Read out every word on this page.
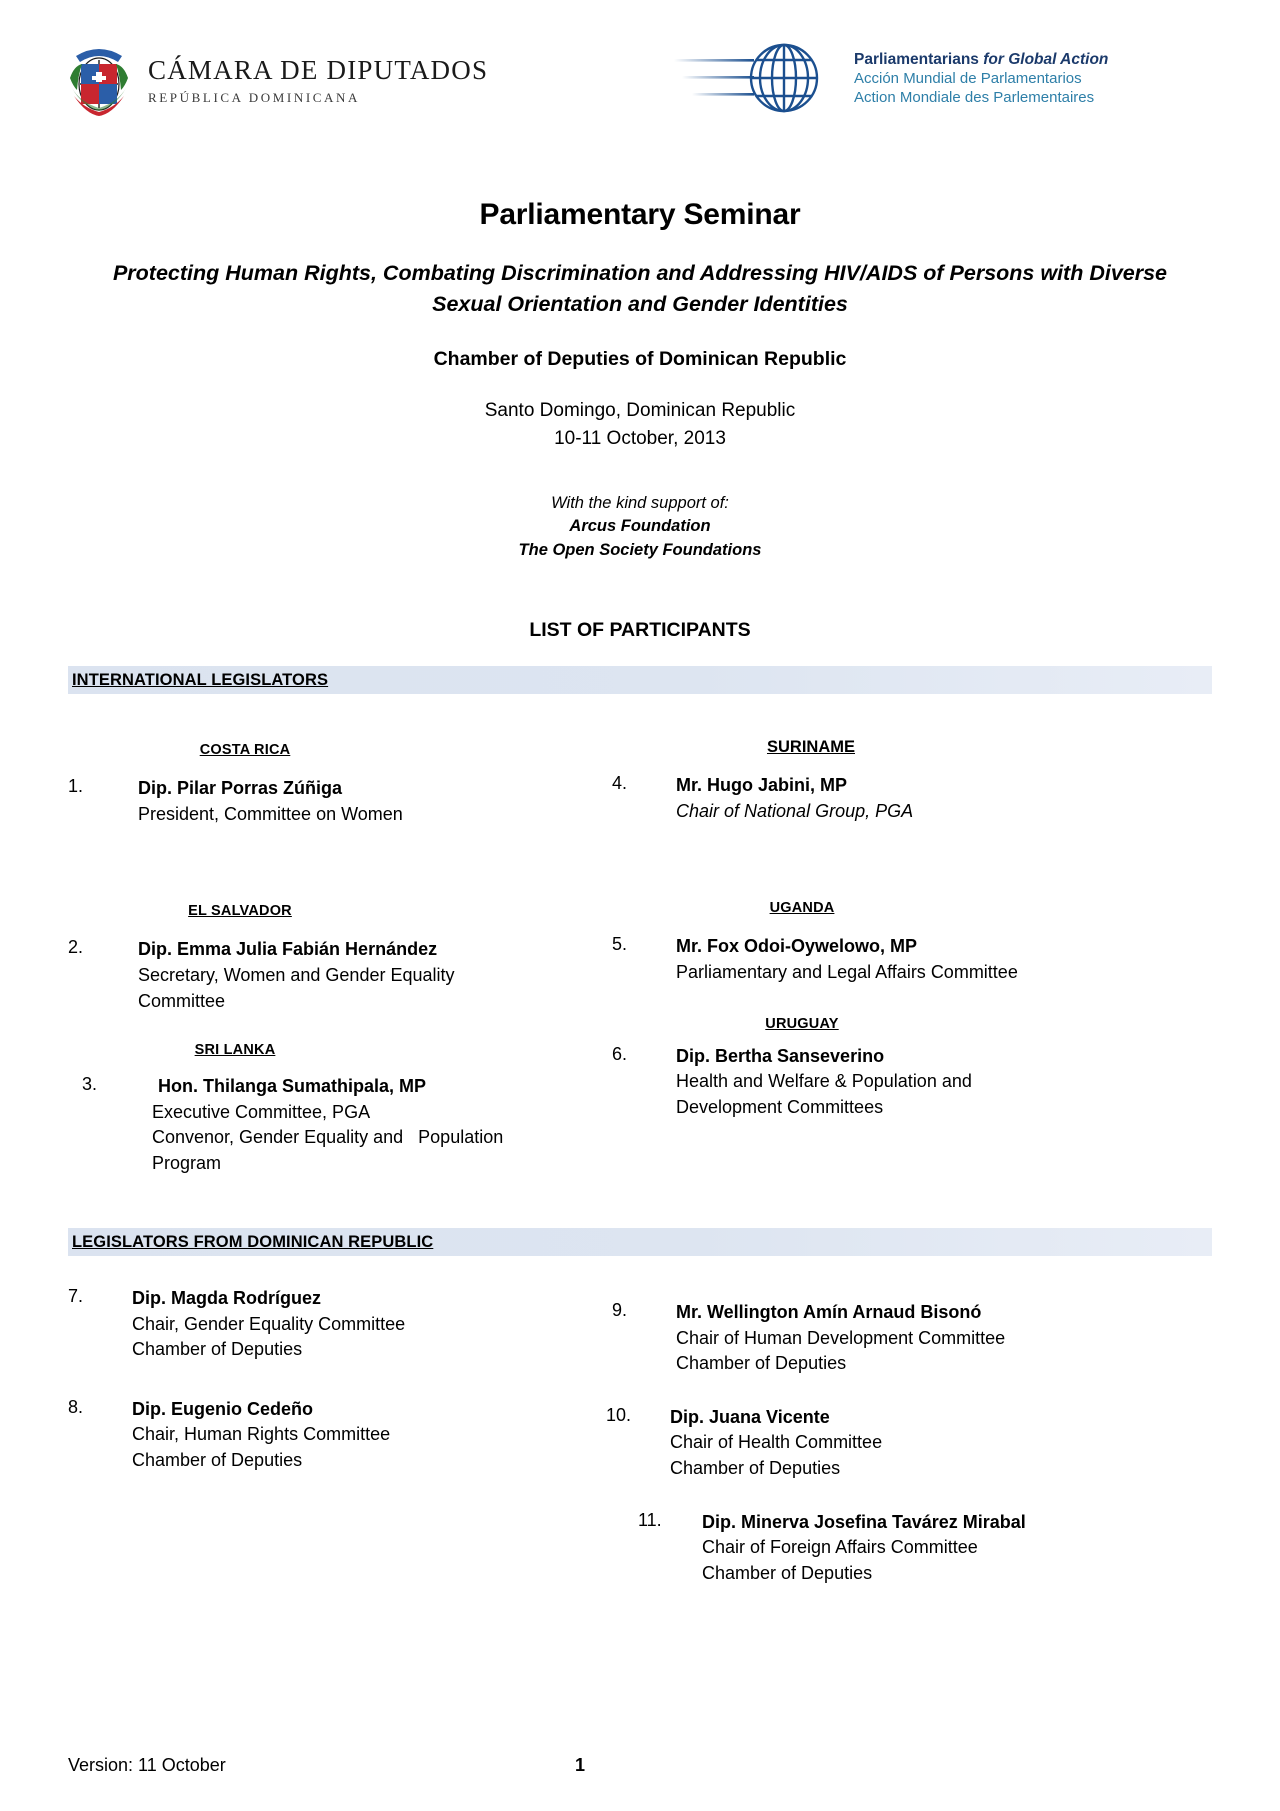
CÁMARA DE DIPUTADOS
REPÚBLICA DOMINICANA
Parliamentarians for Global Action
Acción Mundial de Parlamentarios
Action Mondiale des Parlementaires
Parliamentary Seminar
Protecting Human Rights, Combating Discrimination and Addressing HIV/AIDS of Persons with Diverse Sexual Orientation and Gender Identities
Chamber of Deputies of Dominican Republic
Santo Domingo, Dominican Republic
10-11 October, 2013
With the kind support of:
Arcus Foundation
The Open Society Foundations
LIST OF PARTICIPANTS
INTERNATIONAL LEGISLATORS
COSTA RICA
1.	Dip. Pilar Porras Zúñiga
President, Committee on Women
EL SALVADOR
2.	Dip. Emma Julia Fabián Hernández
Secretary, Women and Gender Equality
Committee
SRI LANKA
3.	Hon. Thilanga Sumathipala, MP
Executive Committee, PGA
Convenor, Gender Equality and   Population
Program
SURINAME
4.	Mr. Hugo Jabini, MP
Chair of National Group, PGA
UGANDA
5.	Mr. Fox Odoi-Oywelowo, MP
Parliamentary and Legal Affairs Committee
URUGUAY
6.	Dip. Bertha Sanseverino
Health and Welfare & Population and
Development Committees
LEGISLATORS FROM DOMINICAN REPUBLIC
7.	Dip. Magda Rodríguez
Chair, Gender Equality Committee
Chamber of Deputies
8.	Dip. Eugenio Cedeño
Chair, Human Rights Committee
Chamber of Deputies
9.	Mr. Wellington Amín Arnaud Bisonó
Chair of Human Development Committee
Chamber of Deputies
10.	Dip. Juana Vicente
Chair of Health Committee
Chamber of Deputies
11.	Dip. Minerva Josefina Tavárez Mirabal
Chair of Foreign Affairs Committee
Chamber of Deputies
Version: 11 October	1
